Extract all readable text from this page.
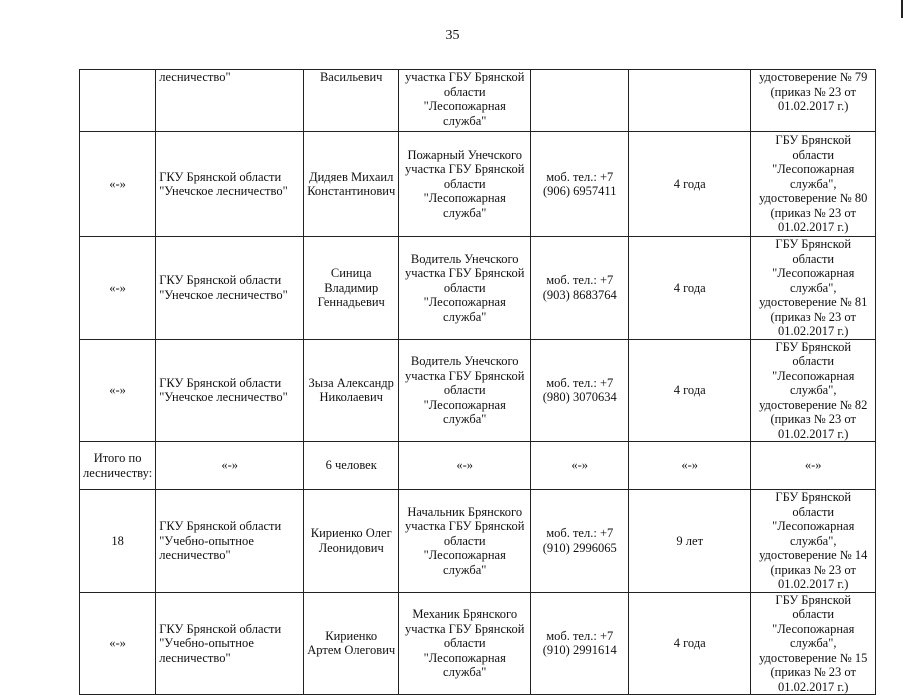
35
	лесничество"	Васильевич	участка ГБУ Брянской области "Лесопожарная служба"			удостоверение № 79 (приказ № 23 от 01.02.2017 г.)
«-»	ГКУ Брянской области "Унечское лесничество"	Дидяев Михаил Константинович	Пожарный Унечского участка ГБУ Брянской области "Лесопожарная служба"	моб. тел.: +7 (906) 6957411	4 года	ГБУ Брянской области "Лесопожарная служба", удостоверение № 80 (приказ № 23 от 01.02.2017 г.)
«-»	ГКУ Брянской области "Унечское лесничество"	Синица Владимир Геннадьевич	Водитель Унечского участка ГБУ Брянской области "Лесопожарная служба"	моб. тел.: +7 (903) 8683764	4 года	ГБУ Брянской области "Лесопожарная служба", удостоверение № 81 (приказ № 23 от 01.02.2017 г.)
«-»	ГКУ Брянской области "Унечское лесничество"	Зыза Александр Николаевич	Водитель Унечского участка ГБУ Брянской области "Лесопожарная служба"	моб. тел.: +7 (980) 3070634	4 года	ГБУ Брянской области "Лесопожарная служба", удостоверение № 82 (приказ № 23 от 01.02.2017 г.)
Итого по лесничеству:	«-»	6 человек	«-»	«-»	«-»	«-»
18	ГКУ Брянской области "Учебно-опытное лесничество"	Кириенко Олег Леонидович	Начальник Брянского участка ГБУ Брянской области "Лесопожарная служба"	моб. тел.: +7 (910) 2996065	9 лет	ГБУ Брянской области "Лесопожарная служба", удостоверение № 14 (приказ № 23 от 01.02.2017 г.)
«-»	ГКУ Брянской области "Учебно-опытное лесничество"	Кириенко Артем Олегович	Механик Брянского участка ГБУ Брянской области "Лесопожарная служба"	моб. тел.: +7 (910) 2991614	4 года	ГБУ Брянской области "Лесопожарная служба", удостоверение № 15 (приказ № 23 от 01.02.2017 г.)
